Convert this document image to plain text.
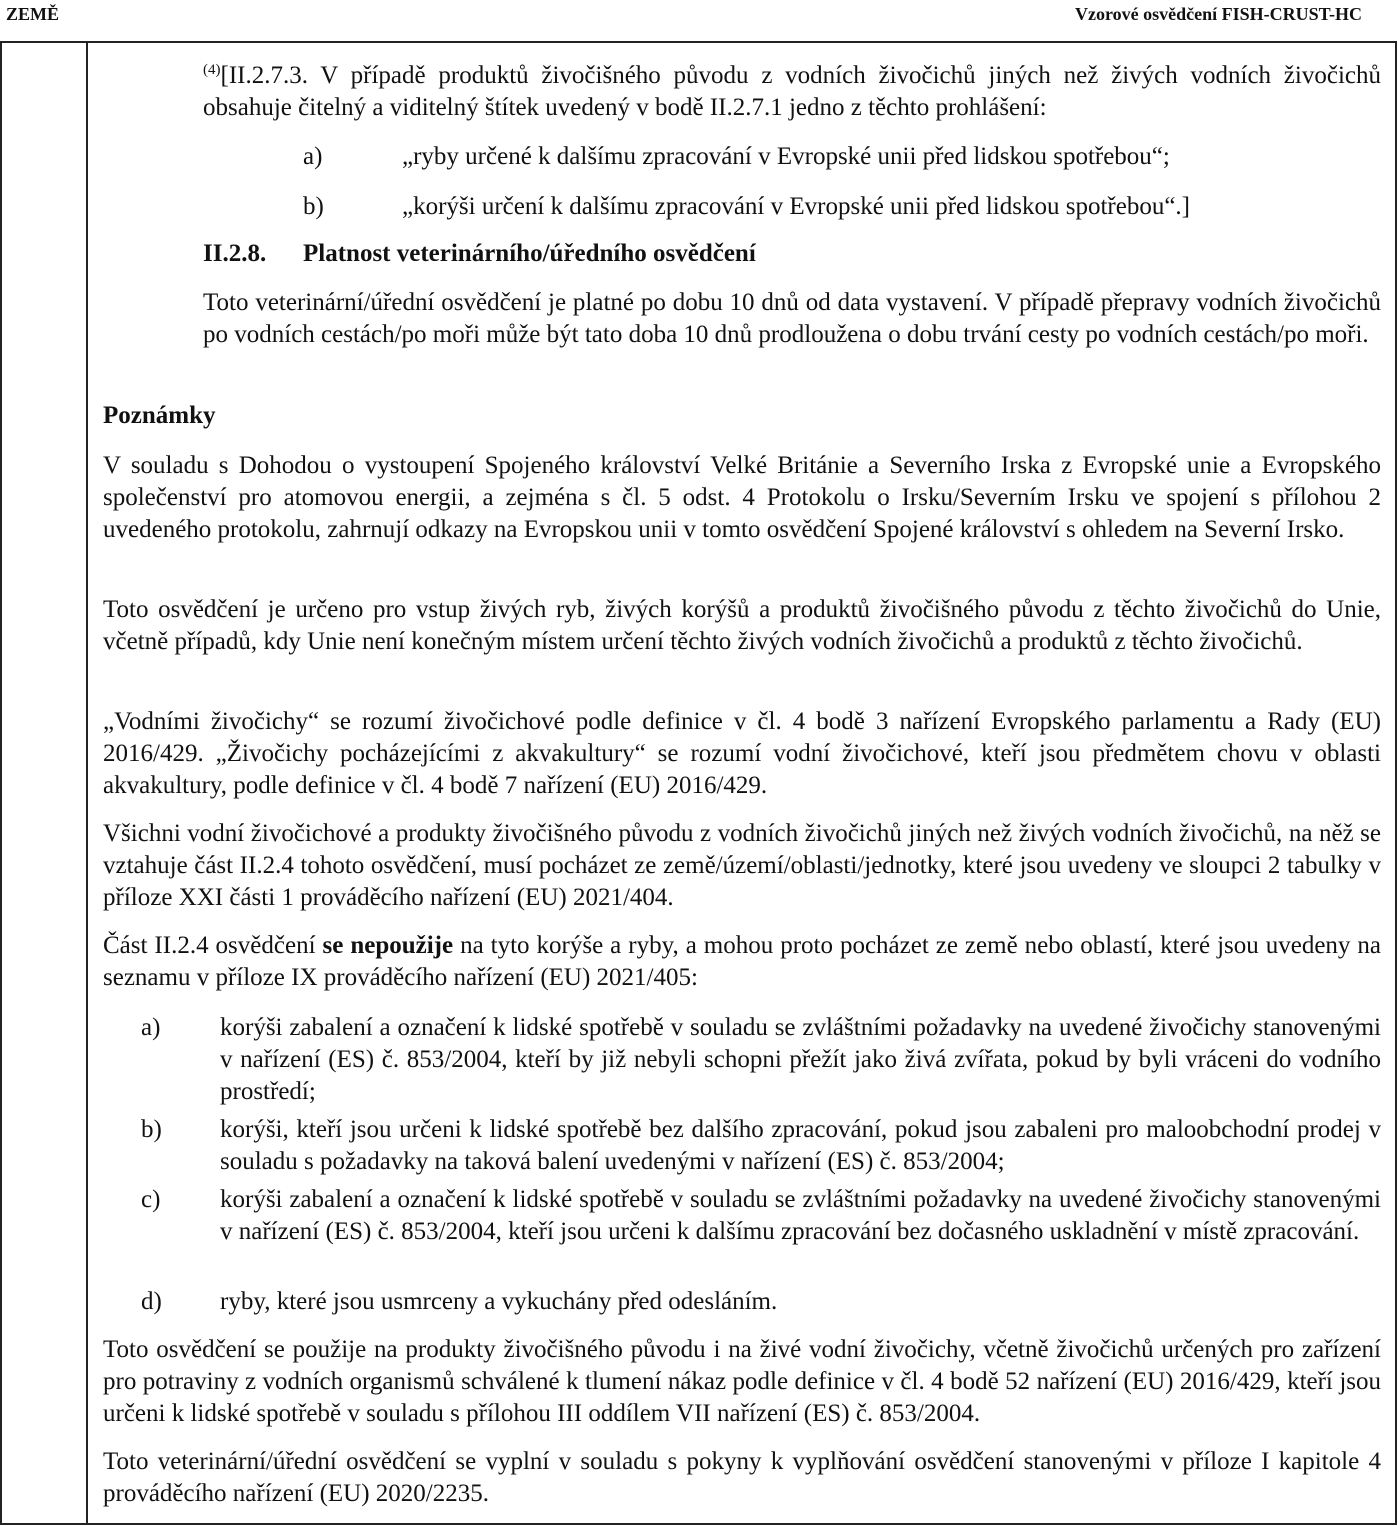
ZEMĚ	Vzorové osvědčení FISH-CRUST-HC

$^{(4)}$[II.2.7.3. V případě produktů živočišného původu z vodních živočichů jiných než živých vodních živočichů obsahuje čitelný a viditelný štítek uvedený v bodě II.2.7.1 jedno z těchto prohlášení:

a)	„ryby určené k dalšímu zpracování v Evropské unii před lidskou spotřebou“;
b)	„korýši určení k dalšímu zpracování v Evropské unii před lidskou spotřebou“.]
II.2.8. Platnost veterinárního/úředního osvědčení

Toto veterinární/úřední osvědčení je platné po dobu 10 dnů od data vystavení. V případě přepravy vodních živočichů po vodních cestách/po moři může být tato doba 10 dnů prodloužena o dobu trvání cesty po vodních cestách/po moři.

Poznámky

V souladu s Dohodou o vystoupení Spojeného království Velké Británie a Severního Irska z Evropské unie a Evropského společenství pro atomovou energii, a zejména s čl. 5 odst. 4 Protokolu o Irsku/Severním Irsku ve spojení s přílohou 2 uvedeného protokolu, zahrnují odkazy na Evropskou unii v tomto osvědčení Spojené království s ohledem na Severní Irsko.

Toto osvědčení je určeno pro vstup živých ryb, živých korýšů a produktů živočišného původu z těchto živočichů do Unie, včetně případů, kdy Unie není konečným místem určení těchto živých vodních živočichů a produktů z těchto živočichů.

„Vodními živočichy“ se rozumí živočichové podle definice v čl. 4 bodě 3 nařízení Evropského parlamentu a Rady (EU) 2016/429. „Živočichy pocházejícími z akvakultury“ se rozumí vodní živočichové, kteří jsou předmětem chovu v oblasti akvakultury, podle definice v čl. 4 bodě 7 nařízení (EU) 2016/429.

Všichni vodní živočichové a produkty živočišného původu z vodních živočichů jiných než živých vodních živočichů, na něž se vztahuje část II.2.4 tohoto osvědčení, musí pocházet ze země/území/oblasti/jednotky, které jsou uvedeny ve sloupci 2 tabulky v příloze XXI části 1 prováděcího nařízení (EU) 2021/404.

Část II.2.4 osvědčení se nepoužije na tyto korýše a ryby, a mohou proto pocházet ze země nebo oblastí, které jsou uvedeny na seznamu v příloze IX prováděcího nařízení (EU) 2021/405:

a) korýši zabalení a označení k lidské spotřebě v souladu se zvláštními požadavky na uvedené živočichy stanovenými v nařízení (ES) č. 853/2004, kteří by již nebyli schopni přežít jako živá zvířata, pokud by byli vráceni do vodního prostředí;

b) korýši, kteří jsou určeni k lidské spotřebě bez dalšího zpracování, pokud jsou zabaleni pro maloobchodní prodej v souladu s požadavky na taková balení uvedenými v nařízení (ES) č. 853/2004;

c) korýši zabalení a označení k lidské spotřebě v souladu se zvláštními požadavky na uvedené živočichy stanovenými v nařízení (ES) č. 853/2004, kteří jsou určeni k dalšímu zpracování bez dočasného uskladnění v místě zpracování.

d) ryby, které jsou usmrceny a vykuchány před odesláním.

Toto osvědčení se použije na produkty živočišného původu i na živé vodní živočichy, včetně živočichů určených pro zařízení pro potraviny z vodních organismů schválené k tlumení nákaz podle definice v čl. 4 bodě 52 nařízení (EU) 2016/429, kteří jsou určeni k lidské spotřebě v souladu s přílohou III oddílem VII nařízení (ES) č. 853/2004.

Toto veterinární/úřední osvědčení se vyplní v souladu s pokyny k vyplňování osvědčení stanovenými v příloze I kapitole 4 prováděcího nařízení (EU) 2020/2235.
